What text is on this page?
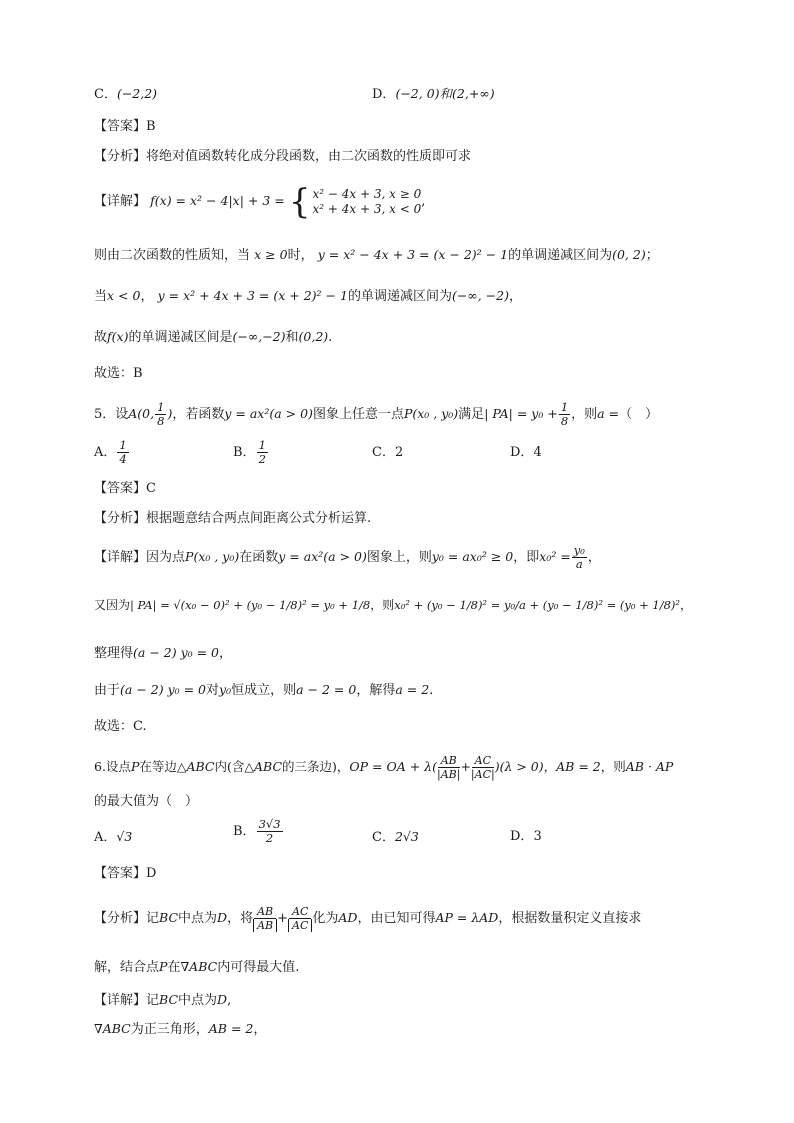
C．(−2,2)	D．(−2, 0)和(2,+∞)
【答案】B
【分析】将绝对值函数转化成分段函数，由二次函数的性质即可求
【详解】 f(x) = x² − 4|x| + 3 = { x² − 4x + 3, x ≥ 0
x² + 4x + 3, x < 0 ,
则由二次函数的性质知，当 x ≥ 0时， y = x² − 4x + 3 = (x − 2)² − 1的单调递减区间为(0, 2)；
当x < 0， y = x² + 4x + 3 = (x + 2)² − 1的单调递减区间为(−∞, −2)，
故f(x)的单调递减区间是(−∞,−2)和(0,2).
故选：B
5．设A(0, $\frac{1}{8}$ )，若函数y = ax²(a > 0)图象上任意一点P(x₀ , y₀)满足| $PA| = y_0 + \frac{1}{8}$ ，则a =（　）
A． $\frac{1}{4}$	B． $\frac{1}{2}$	C．2	D．4
【答案】C
【分析】根据题意结合两点间距离公式分析运算.
【详解】因为点P(x₀ , y₀)在函数y = ax²(a > 0)图象上，则y₀ = ax₀² ≥ 0，即$x_0^2 = \frac{\text{y₀}}{a}$ ，
又因为| PA| = √(x₀ − 0)² + (y₀ − 1/8)² = y₀ + 1/8，则x₀² + (y₀ − 1/8)² = y₀/a + (y₀ − 1/8)² = (y₀ + 1/8)²，
整理得(a − 2) y₀ = 0，
由于(a − 2) y₀ = 0对y₀恒成立，则a − 2 = 0，解得a = 2.
故选：C.
6.设点P在等边△ABC内(含△ABC的三条边)，OP = OA + $\lambda( \frac{AB}{|AB|} + \frac{AC}{|AC|} )(\lambda > 0)$，AB = 2，则AB · AP
的最大值为（　）
A．√3	B． $\frac{3√3}{2}$	C．2√3	D．3
【答案】D
【分析】记BC中点为D，将 $\frac{AB}{AB} + \frac{AC}{AC}$ 化为AD，由已知可得AP = λAD，根据数量积定义直接求
解，结合点P在∇ABC内可得最大值.
【详解】记BC中点为D,
∇ABC为正三角形，AB = 2，
